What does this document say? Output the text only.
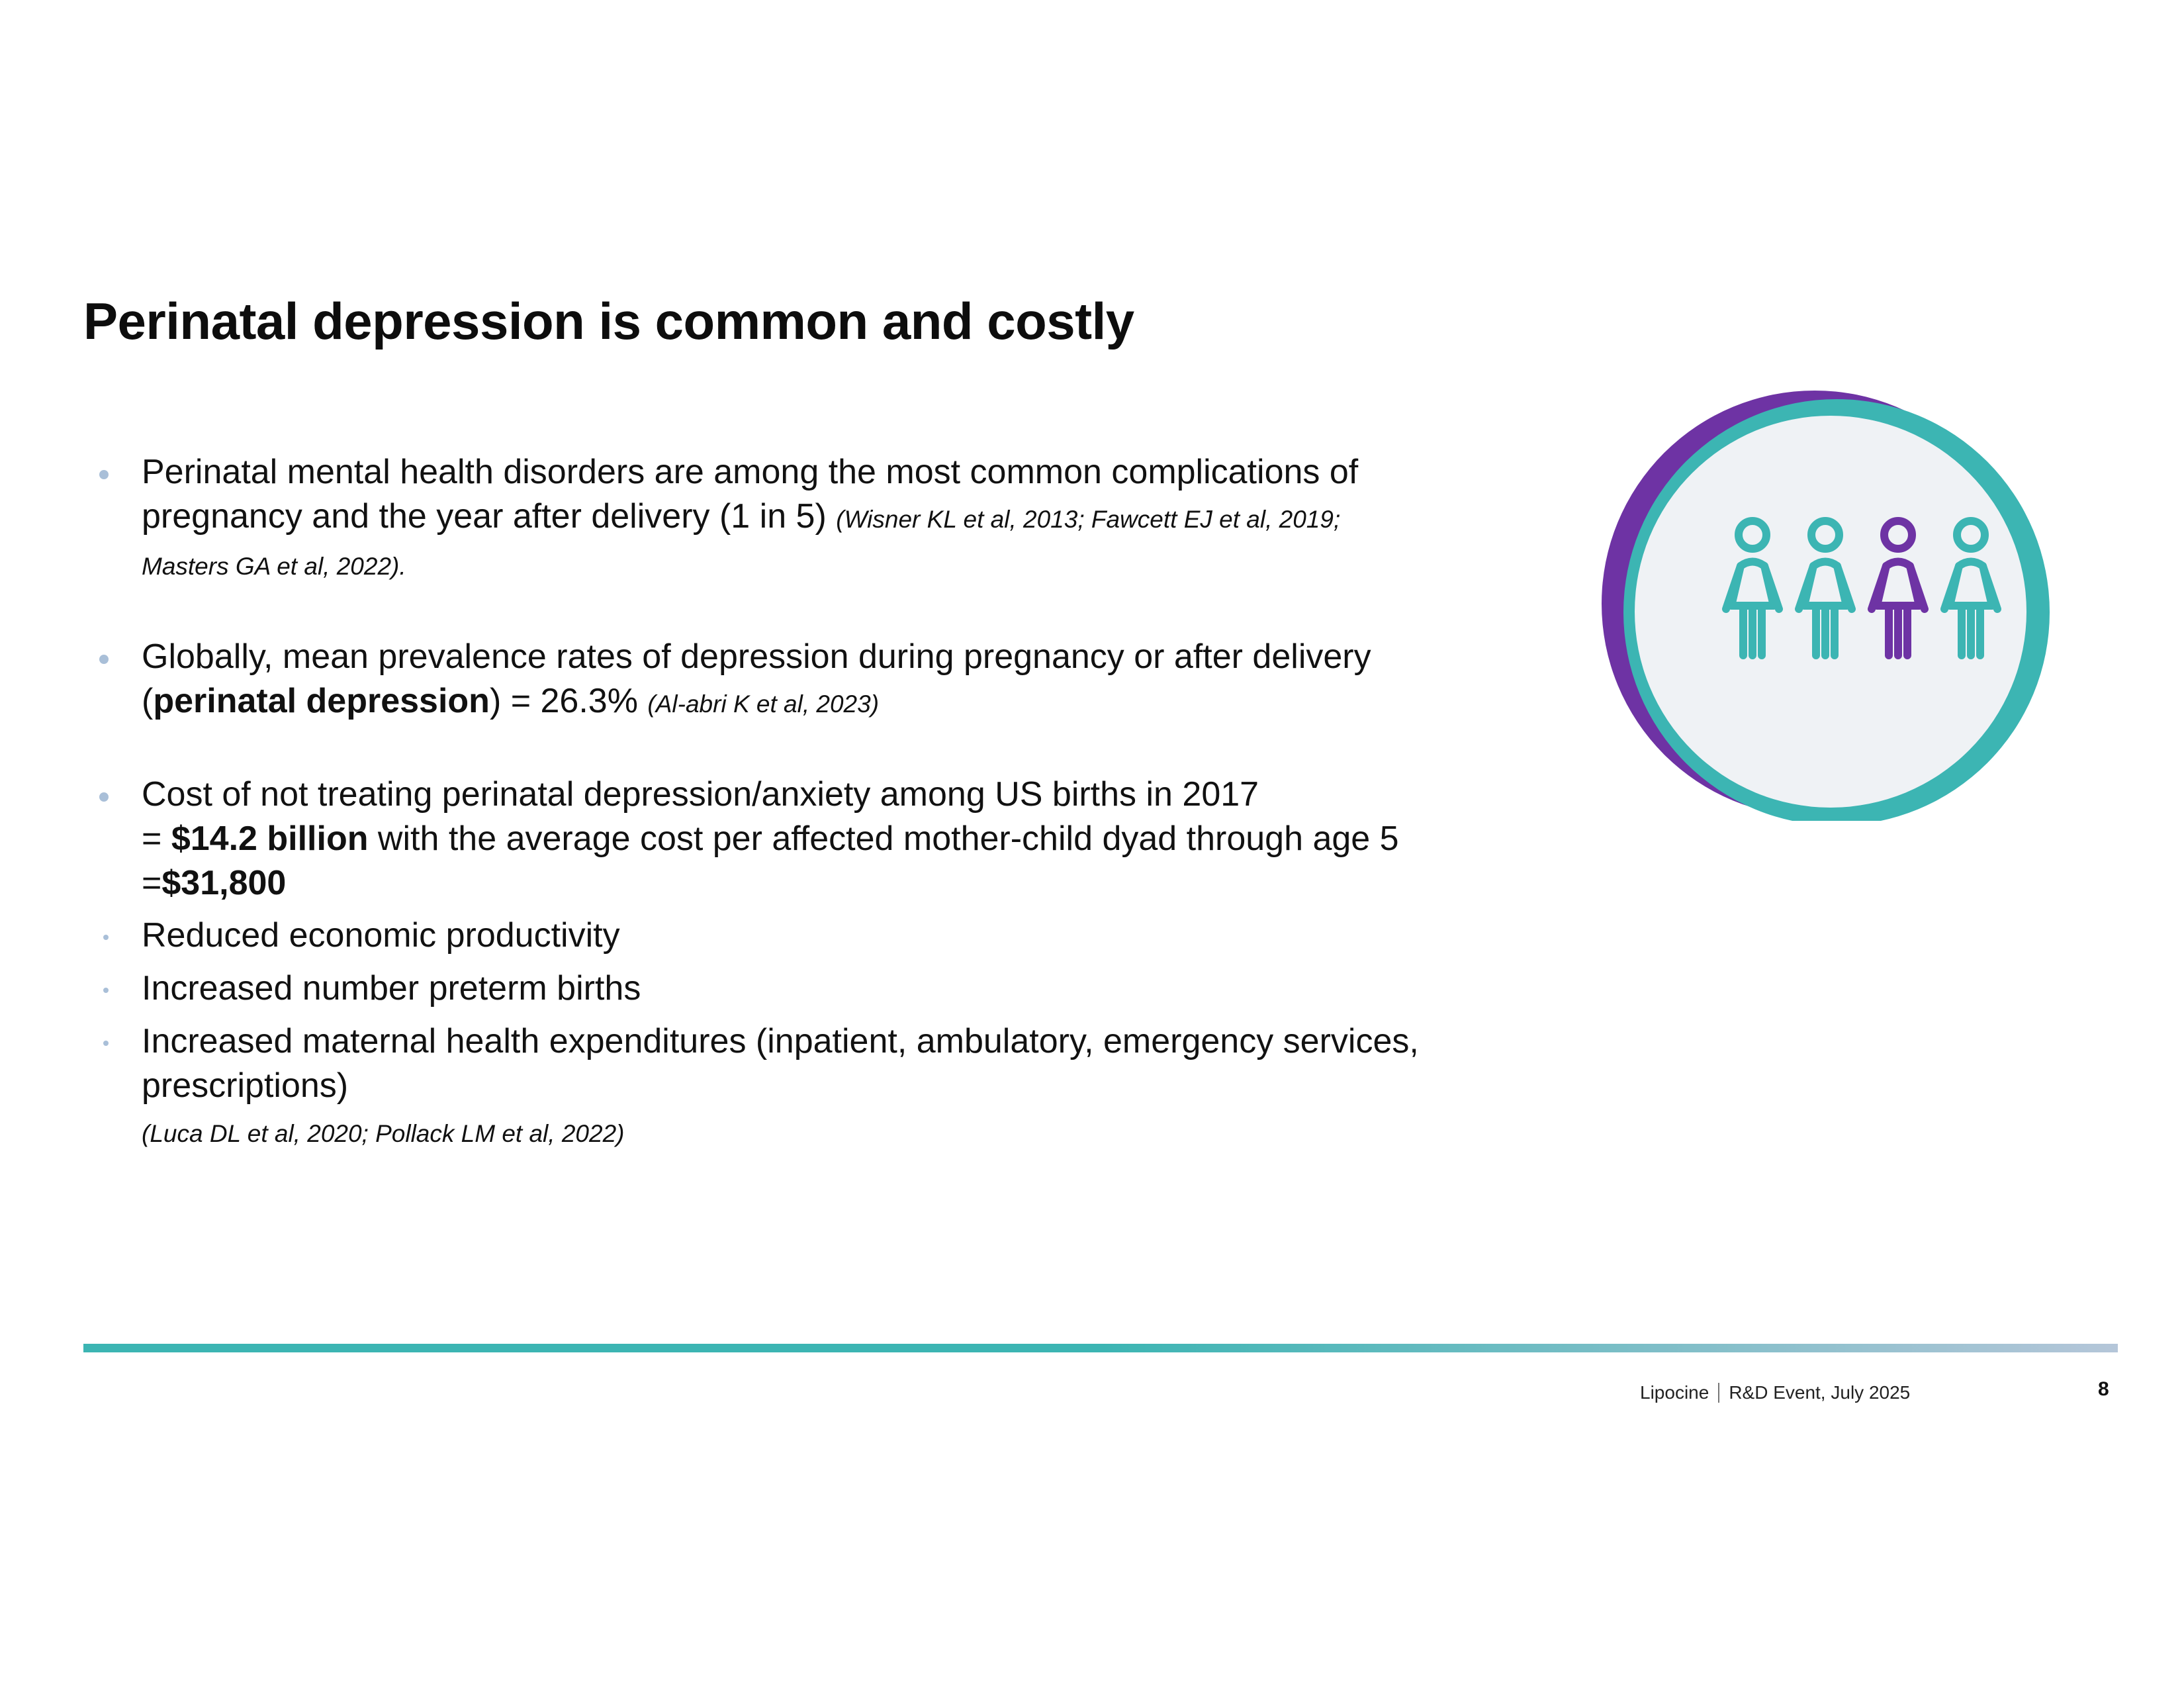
Perinatal depression is common and costly
Perinatal mental health disorders are among the most common complications of pregnancy and the year after delivery (1 in 5) (Wisner KL et al, 2013; Fawcett EJ et al, 2019; Masters GA et al, 2022).
Globally, mean prevalence rates of depression during pregnancy or after delivery (perinatal depression) = 26.3% (Al-abri K et al, 2023)
Cost of not treating perinatal depression/anxiety among US births in 2017
= $14.2 billion with the average cost per affected mother-child dyad through age 5 =$31,800
Reduced economic productivity
Increased number preterm births
Increased maternal health expenditures (inpatient, ambulatory, emergency services, prescriptions)
(Luca DL et al, 2020; Pollack LM et al, 2022)
Lipocine R&D Event, July 2025	8
